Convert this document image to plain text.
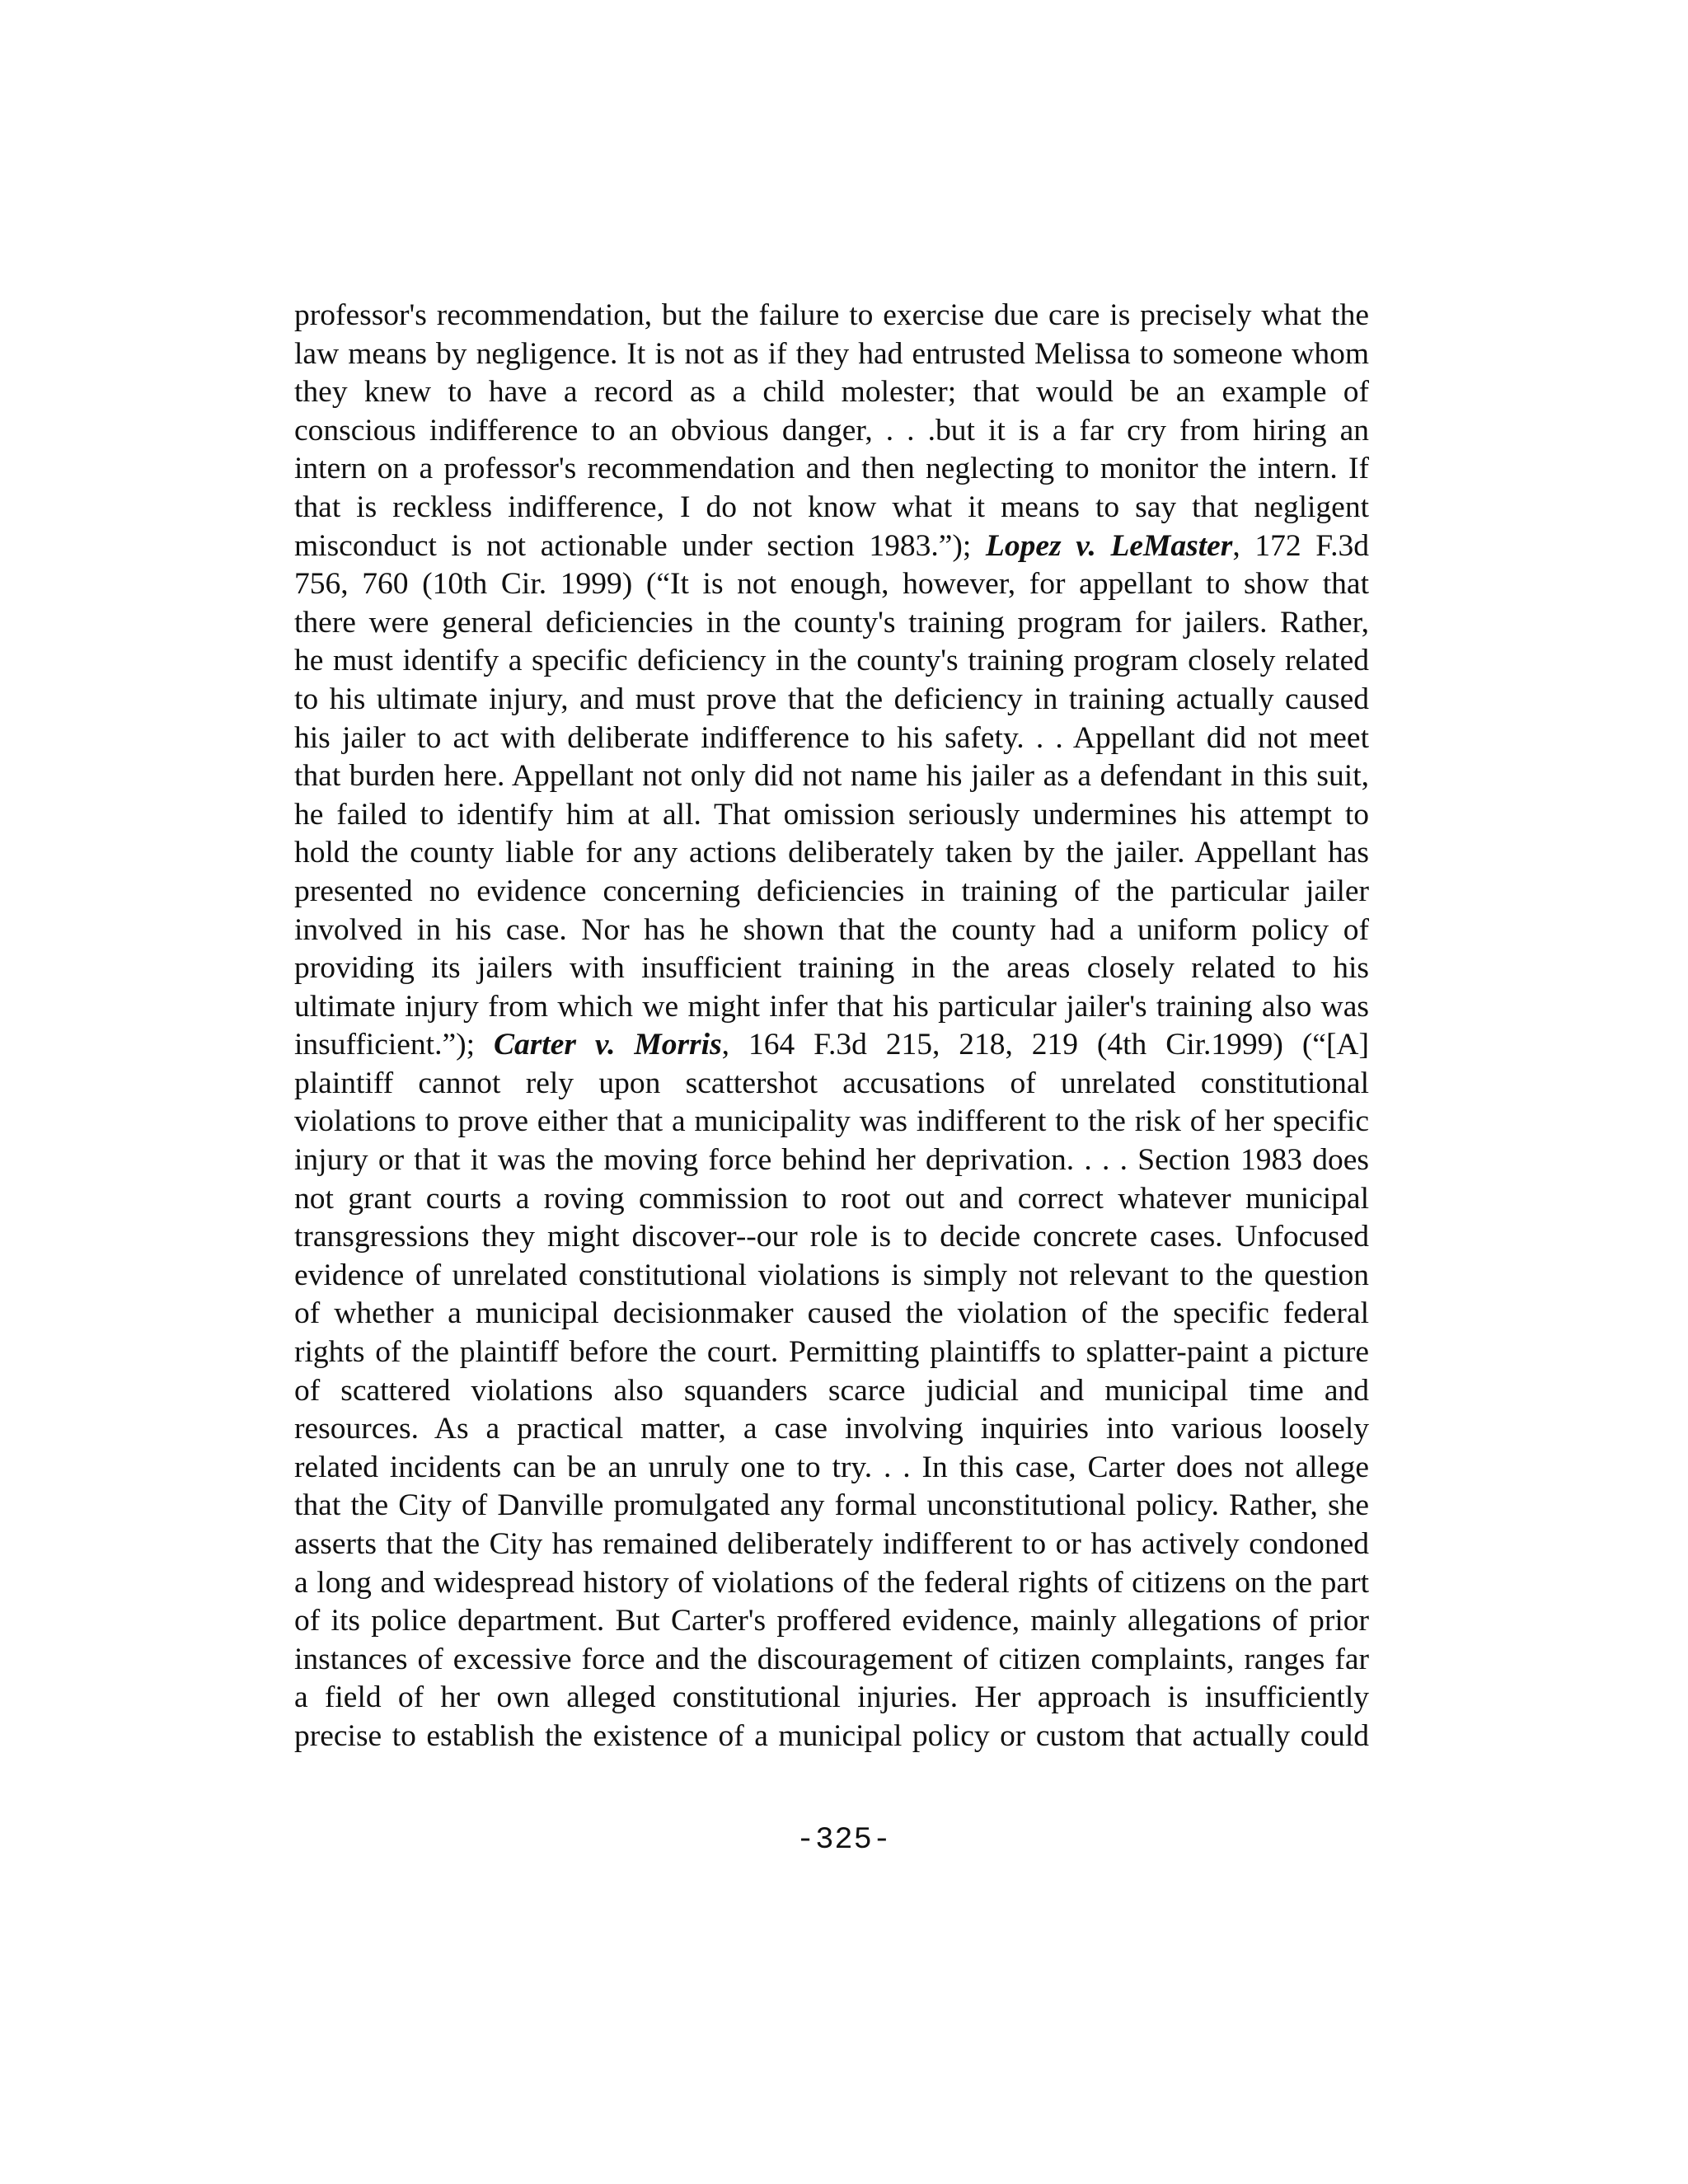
professor's recommendation, but the failure to exercise due care is precisely what the
law means by negligence. It is not as if they had entrusted Melissa to someone whom
they knew to have a record as a child molester; that would be an example of
conscious indifference to an obvious danger, . . .but it is a far cry from hiring an
intern on a professor's recommendation and then neglecting to monitor the intern. If
that is reckless indifference, I do not know what it means to say that negligent
misconduct is not actionable under section 1983.”); Lopez v. LeMaster, 172 F.3d
756, 760 (10th Cir. 1999) (“It is not enough, however, for appellant to show that
there were general deficiencies in the county's training program for jailers. Rather,
he must identify a specific deficiency in the county's training program closely related
to his ultimate injury, and must prove that the deficiency in training actually caused
his jailer to act with deliberate indifference to his safety. . . Appellant did not meet
that burden here. Appellant not only did not name his jailer as a defendant in this suit,
he failed to identify him at all. That omission seriously undermines his attempt to
hold the county liable for any actions deliberately taken by the jailer. Appellant has
presented no evidence concerning deficiencies in training of the particular jailer
involved in his case. Nor has he shown that the county had a uniform policy of
providing its jailers with insufficient training in the areas closely related to his
ultimate injury from which we might infer that his particular jailer's training also was
insufficient.”); Carter v. Morris, 164 F.3d 215, 218, 219 (4th Cir.1999) (“[A]
plaintiff cannot rely upon scattershot accusations of unrelated constitutional
violations to prove either that a municipality was indifferent to the risk of her specific
injury or that it was the moving force behind her deprivation. . . . Section 1983 does
not grant courts a roving commission to root out and correct whatever municipal
transgressions they might discover--our role is to decide concrete cases. Unfocused
evidence of unrelated constitutional violations is simply not relevant to the question
of whether a municipal decisionmaker caused the violation of the specific federal
rights of the plaintiff before the court. Permitting plaintiffs to splatter-paint a picture
of scattered violations also squanders scarce judicial and municipal time and
resources. As a practical matter, a case involving inquiries into various loosely
related incidents can be an unruly one to try. . . In this case, Carter does not allege
that the City of Danville promulgated any formal unconstitutional policy. Rather, she
asserts that the City has remained deliberately indifferent to or has actively condoned
a long and widespread history of violations of the federal rights of citizens on the part
of its police department. But Carter's proffered evidence, mainly allegations of prior
instances of excessive force and the discouragement of citizen complaints, ranges far
a field of her own alleged constitutional injuries. Her approach is insufficiently
precise to establish the existence of a municipal policy or custom that actually could
-325-
